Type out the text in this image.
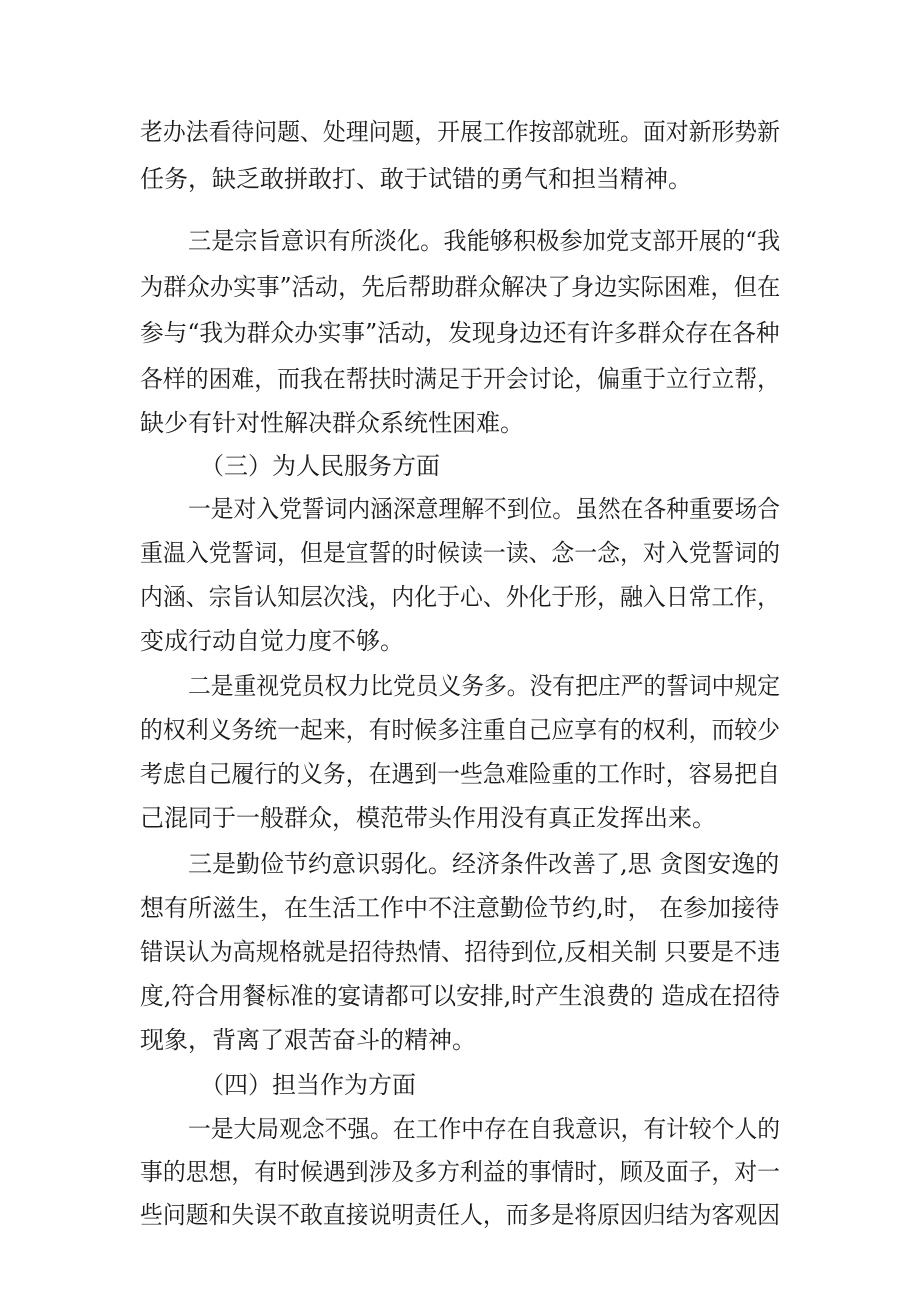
老办法看待问题、处理问题，开展工作按部就班。面对新形势新
任务，缺乏敢拼敢打、敢于试错的勇气和担当精神。
三是宗旨意识有所淡化。我能够积极参加党支部开展的“我
为群众办实事”活动，先后帮助群众解决了身边实际困难，但在
参与“我为群众办实事”活动，发现身边还有许多群众存在各种
各样的困难，而我在帮扶时满足于开会讨论，偏重于立行立帮，
缺少有针对性解决群众系统性困难。
（三）为人民服务方面
一是对入党誓词内涵深意理解不到位。虽然在各种重要场合
重温入党誓词，但是宣誓的时候读一读、念一念，对入党誓词的
内涵、宗旨认知层次浅，内化于心、外化于形，融入日常工作，
变成行动自觉力度不够。
二是重视党员权力比党员义务多。没有把庄严的誓词中规定
的权利义务统一起来，有时候多注重自己应享有的权利，而较少
考虑自己履行的义务，在遇到一些急难险重的工作时，容易把自
己混同于一般群众，模范带头作用没有真正发挥出来。
三是勤俭节约意识弱化。经济条件改善了,思 贪图安逸的
想有所滋生，在生活工作中不注意勤俭节约,时， 在参加接待
错误认为高规格就是招待热情、招待到位,反相关制 只要是不违
度,符合用餐标准的宴请都可以安排,时产生浪费的 造成在招待
现象，背离了艰苦奋斗的精神。
（四）担当作为方面
一是大局观念不强。在工作中存在自我意识，有计较个人的
事的思想，有时候遇到涉及多方利益的事情时，顾及面子，对一
些问题和失误不敢直接说明责任人，而多是将原因归结为客观因
